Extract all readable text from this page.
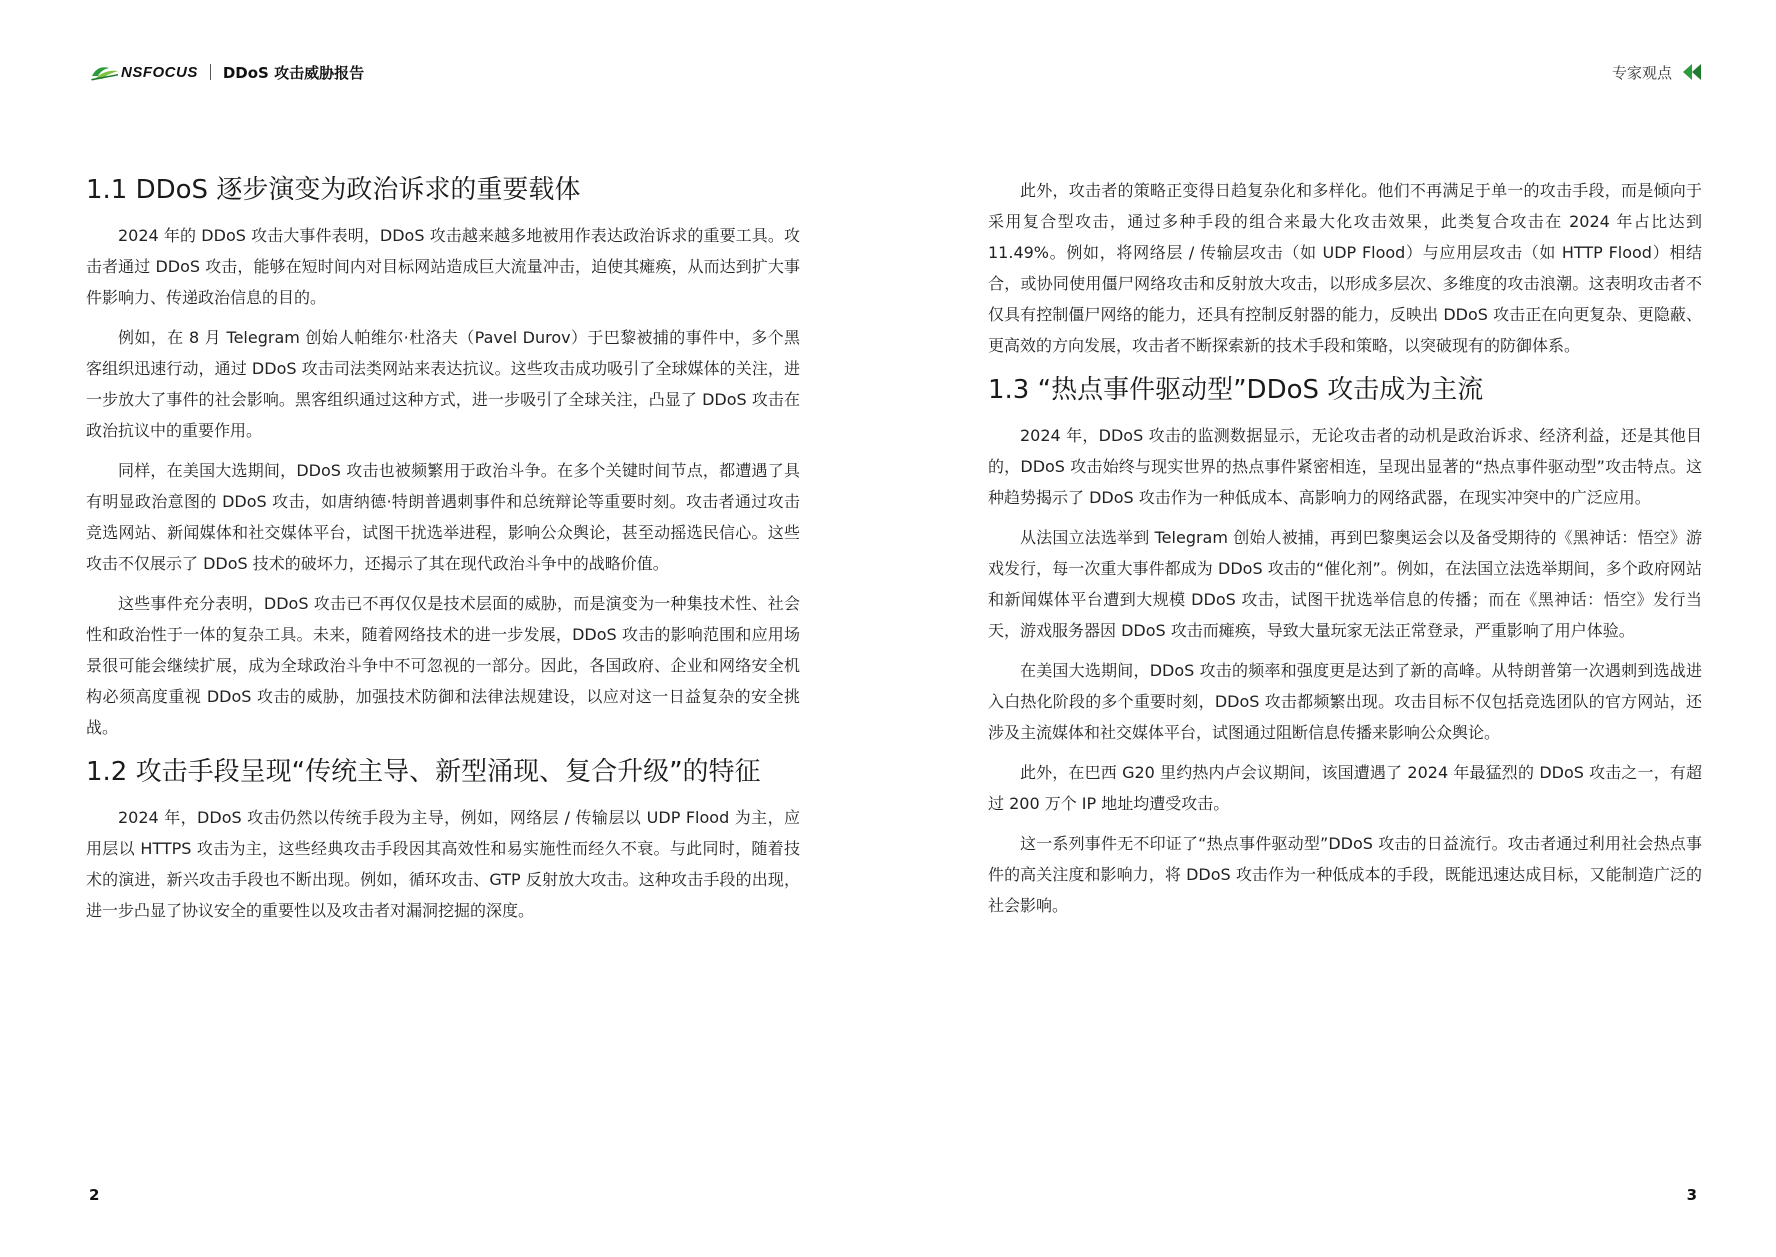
NSFOCUS DDoS 攻击威胁报告	专家观点
1.1 DDoS 逐步演变为政治诉求的重要载体

2024 年的 DDoS 攻击大事件表明，DDoS 攻击越来越多地被用作表达政治诉求的重要工具。攻击者通过 DDoS 攻击，能够在短时间内对目标网站造成巨大流量冲击，迫使其瘫痪，从而达到扩大事件影响力、传递政治信息的目的。

例如，在 8 月 Telegram 创始人帕维尔·杜洛夫（Pavel Durov）于巴黎被捕的事件中，多个黑客组织迅速行动，通过 DDoS 攻击司法类网站来表达抗议。这些攻击成功吸引了全球媒体的关注，进一步放大了事件的社会影响。黑客组织通过这种方式，进一步吸引了全球关注，凸显了 DDoS 攻击在政治抗议中的重要作用。

同样，在美国大选期间，DDoS 攻击也被频繁用于政治斗争。在多个关键时间节点，都遭遇了具有明显政治意图的 DDoS 攻击，如唐纳德·特朗普遇刺事件和总统辩论等重要时刻。攻击者通过攻击竞选网站、新闻媒体和社交媒体平台，试图干扰选举进程，影响公众舆论，甚至动摇选民信心。这些攻击不仅展示了 DDoS 技术的破坏力，还揭示了其在现代政治斗争中的战略价值。

这些事件充分表明，DDoS 攻击已不再仅仅是技术层面的威胁，而是演变为一种集技术性、社会性和政治性于一体的复杂工具。未来，随着网络技术的进一步发展，DDoS 攻击的影响范围和应用场景很可能会继续扩展，成为全球政治斗争中不可忽视的一部分。因此，各国政府、企业和网络安全机构必须高度重视 DDoS 攻击的威胁，加强技术防御和法律法规建设，以应对这一日益复杂的安全挑战。

1.2 攻击手段呈现“传统主导、新型涌现、复合升级”的特征

2024 年，DDoS 攻击仍然以传统手段为主导，例如，网络层 / 传输层以 UDP Flood 为主，应用层以 HTTPS 攻击为主，这些经典攻击手段因其高效性和易实施性而经久不衰。与此同时，随着技术的演进，新兴攻击手段也不断出现。例如，循环攻击、GTP 反射放大攻击。这种攻击手段的出现，进一步凸显了协议安全的重要性以及攻击者对漏洞挖掘的深度。

此外，攻击者的策略正变得日趋复杂化和多样化。他们不再满足于单一的攻击手段，而是倾向于采用复合型攻击，通过多种手段的组合来最大化攻击效果，此类复合攻击在 2024 年占比达到 11.49%。例如，将网络层 / 传输层攻击（如 UDP Flood）与应用层攻击（如 HTTP Flood）相结合，或协同使用僵尸网络攻击和反射放大攻击，以形成多层次、多维度的攻击浪潮。这表明攻击者不仅具有控制僵尸网络的能力，还具有控制反射器的能力，反映出 DDoS 攻击正在向更复杂、更隐蔽、更高效的方向发展，攻击者不断探索新的技术手段和策略，以突破现有的防御体系。

1.3 “热点事件驱动型”DDoS 攻击成为主流

2024 年，DDoS 攻击的监测数据显示，无论攻击者的动机是政治诉求、经济利益，还是其他目的，DDoS 攻击始终与现实世界的热点事件紧密相连，呈现出显著的“热点事件驱动型”攻击特点。这种趋势揭示了 DDoS 攻击作为一种低成本、高影响力的网络武器，在现实冲突中的广泛应用。

从法国立法选举到 Telegram 创始人被捕，再到巴黎奥运会以及备受期待的《黑神话：悟空》游戏发行，每一次重大事件都成为 DDoS 攻击的“催化剂”。例如，在法国立法选举期间，多个政府网站和新闻媒体平台遭到大规模 DDoS 攻击，试图干扰选举信息的传播；而在《黑神话：悟空》发行当天，游戏服务器因 DDoS 攻击而瘫痪，导致大量玩家无法正常登录，严重影响了用户体验。

在美国大选期间，DDoS 攻击的频率和强度更是达到了新的高峰。从特朗普第一次遇刺到选战进入白热化阶段的多个重要时刻，DDoS 攻击都频繁出现。攻击目标不仅包括竞选团队的官方网站，还涉及主流媒体和社交媒体平台，试图通过阻断信息传播来影响公众舆论。

此外，在巴西 G20 里约热内卢会议期间，该国遭遇了 2024 年最猛烈的 DDoS 攻击之一，有超过 200 万个 IP 地址均遭受攻击。

这一系列事件无不印证了“热点事件驱动型”DDoS 攻击的日益流行。攻击者通过利用社会热点事件的高关注度和影响力，将 DDoS 攻击作为一种低成本的手段，既能迅速达成目标，又能制造广泛的社会影响。

2	3
